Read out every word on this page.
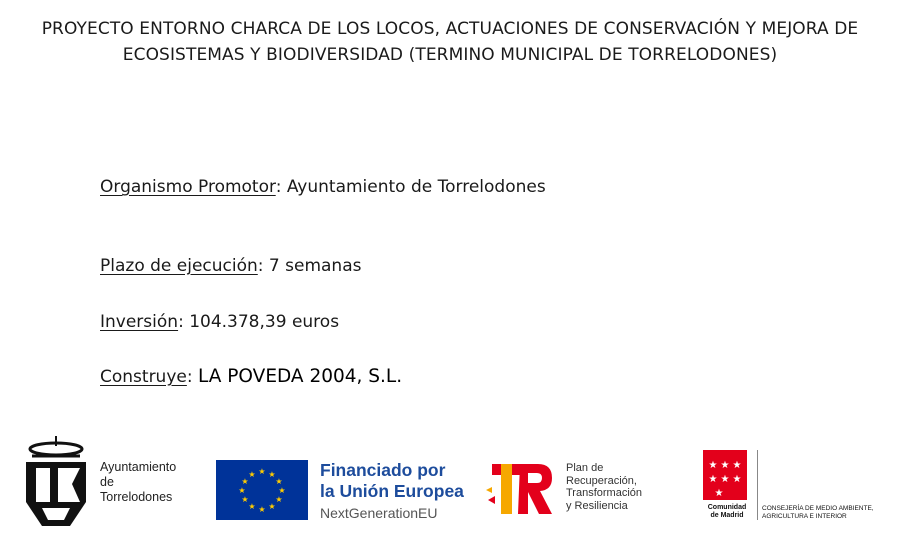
PROYECTO ENTORNO CHARCA DE LOS LOCOS, ACTUACIONES DE CONSERVACIÓN Y MEJORA DE ECOSISTEMAS Y BIODIVERSIDAD (TERMINO MUNICIPAL DE TORRELODONES)
Organismo Promotor: Ayuntamiento de Torrelodones
Plazo de ejecución: 7 semanas
Inversión: 104.378,39 euros
Construye: LA POVEDA 2004, S.L.
Ayuntamiento
de
Torrelodones
★ ★
★
★
★
★
★
★
★
★
★
★	Financiado por
la Unión Europea
NextGenerationEU
Plan de
Recuperación,
Transformación
y Resiliencia
★ ★ ★
★ ★ ★
★
Comunidad
de Madrid
CONSEJERÍA DE MEDIO AMBIENTE,
AGRICULTURA E INTERIOR
